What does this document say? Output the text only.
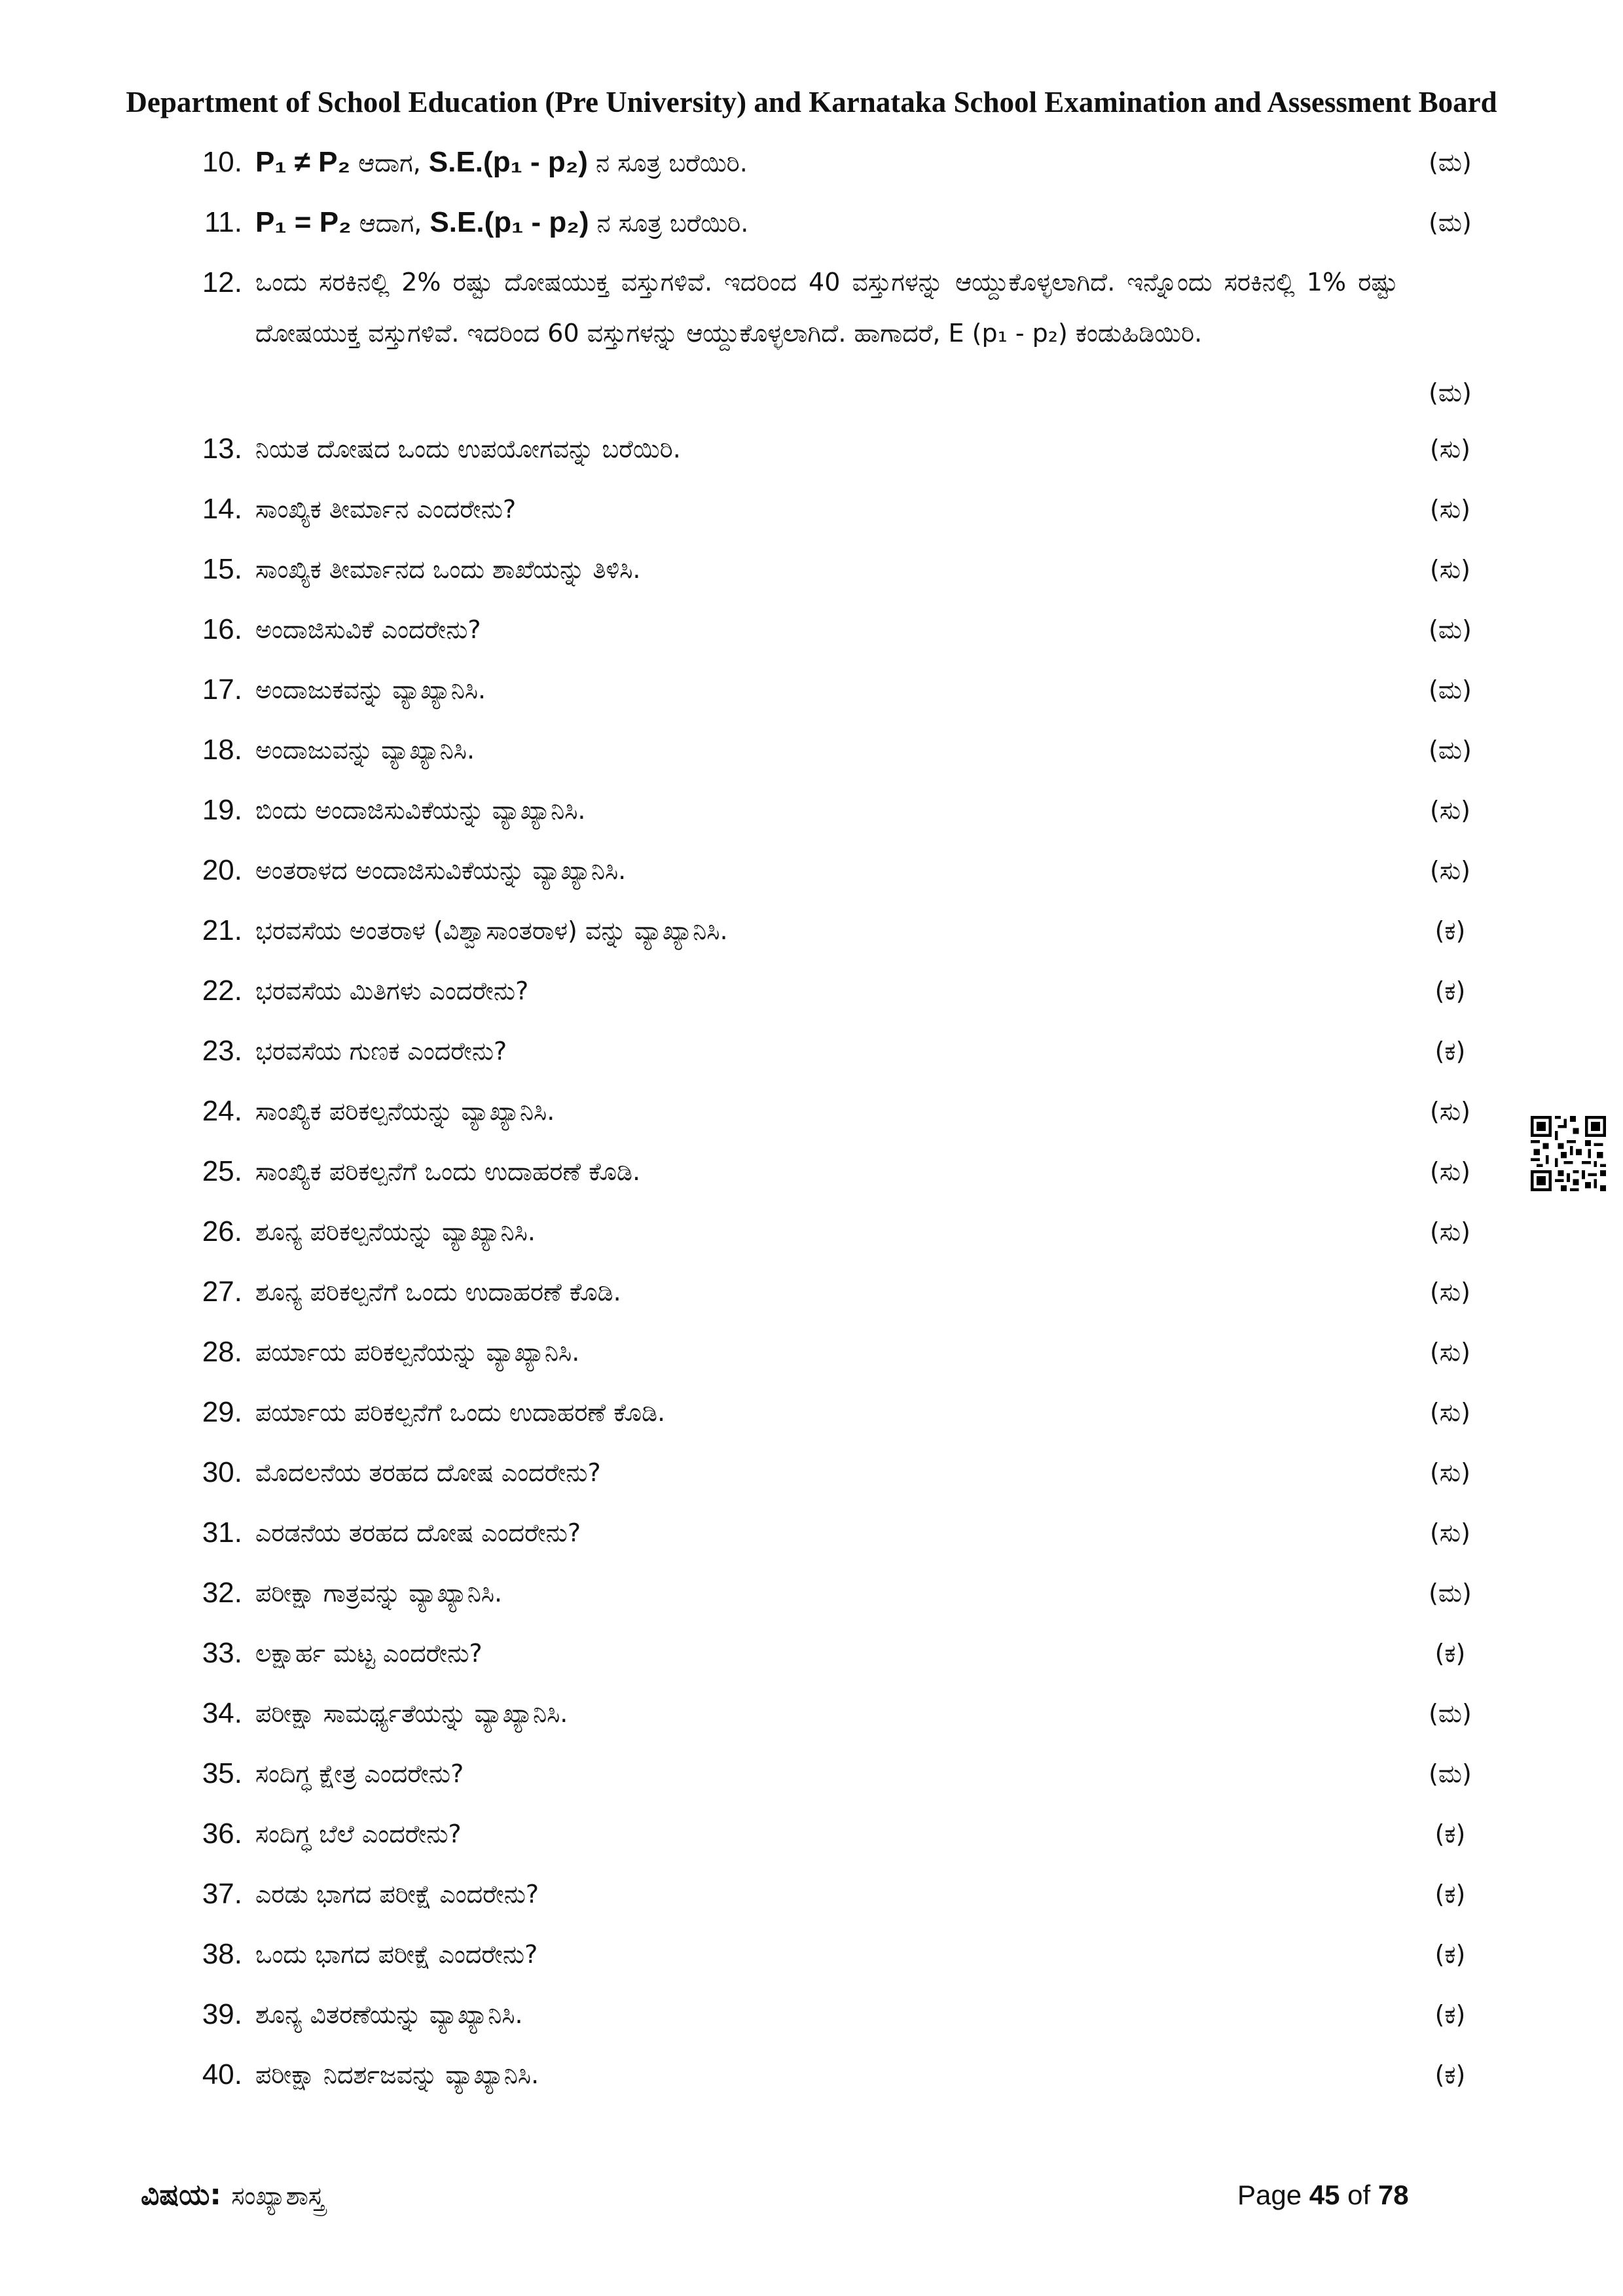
Department of School Education (Pre University) and Karnataka School Examination and Assessment Board
10. P₁ ≠ P₂ ಆದಾಗ, S.E.(p₁ - p₂) ನ ಸೂತ್ರ ಬರೆಯಿರಿ.	(ಮ)
11. P₁ = P₂ ಆದಾಗ, S.E.(p₁ - p₂) ನ ಸೂತ್ರ ಬರೆಯಿರಿ.	(ಮ)
12. ಒಂದು ಸರಕಿನಲ್ಲಿ 2% ರಷ್ಟು ದೋಷಯುಕ್ತ ವಸ್ತುಗಳಿವೆ. ಇದರಿಂದ 40 ವಸ್ತುಗಳನ್ನು ಆಯ್ದುಕೊಳ್ಳಲಾಗಿದೆ. ಇನ್ನೊಂದು ಸರಕಿನಲ್ಲಿ 1% ರಷ್ಟು ದೋಷಯುಕ್ತ ವಸ್ತುಗಳಿವೆ. ಇದರಿಂದ 60 ವಸ್ತುಗಳನ್ನು ಆಯ್ದುಕೊಳ್ಳಲಾಗಿದೆ. ಹಾಗಾದರೆ, E (p₁ - p₂) ಕಂಡುಹಿಡಿಯಿರಿ.
(ಮ)
13. ನಿಯತ ದೋಷದ ಒಂದು ಉಪಯೋಗವನ್ನು ಬರೆಯಿರಿ.	(ಸು)
14. ಸಾಂಖ್ಯಿಕ ತೀರ್ಮಾನ ಎಂದರೇನು?	(ಸು)
15. ಸಾಂಖ್ಯಿಕ ತೀರ್ಮಾನದ ಒಂದು ಶಾಖೆಯನ್ನು ತಿಳಿಸಿ.	(ಸು)
16. ಅಂದಾಜಿಸುವಿಕೆ ಎಂದರೇನು?	(ಮ)
17. ಅಂದಾಜುಕವನ್ನು ವ್ಯಾಖ್ಯಾನಿಸಿ.	(ಮ)
18. ಅಂದಾಜುವನ್ನು ವ್ಯಾಖ್ಯಾನಿಸಿ.	(ಮ)
19. ಬಿಂದು ಅಂದಾಜಿಸುವಿಕೆಯನ್ನು ವ್ಯಾಖ್ಯಾನಿಸಿ.	(ಸು)
20. ಅಂತರಾಳದ ಅಂದಾಜಿಸುವಿಕೆಯನ್ನು ವ್ಯಾಖ್ಯಾನಿಸಿ.	(ಸು)
21. ಭರವಸೆಯ ಅಂತರಾಳ (ವಿಶ್ವಾಸಾಂತರಾಳ) ವನ್ನು ವ್ಯಾಖ್ಯಾನಿಸಿ.	(ಕ)
22. ಭರವಸೆಯ ಮಿತಿಗಳು ಎಂದರೇನು?	(ಕ)
23. ಭರವಸೆಯ ಗುಣಕ ಎಂದರೇನು?	(ಕ)
24. ಸಾಂಖ್ಯಿಕ ಪರಿಕಲ್ಪನೆಯನ್ನು ವ್ಯಾಖ್ಯಾನಿಸಿ.	(ಸು)
25. ಸಾಂಖ್ಯಿಕ ಪರಿಕಲ್ಪನೆಗೆ ಒಂದು ಉದಾಹರಣೆ ಕೊಡಿ.	(ಸು)
26. ಶೂನ್ಯ ಪರಿಕಲ್ಪನೆಯನ್ನು ವ್ಯಾಖ್ಯಾನಿಸಿ.	(ಸು)
27. ಶೂನ್ಯ ಪರಿಕಲ್ಪನೆಗೆ ಒಂದು ಉದಾಹರಣೆ ಕೊಡಿ.	(ಸು)
28. ಪರ್ಯಾಯ ಪರಿಕಲ್ಪನೆಯನ್ನು ವ್ಯಾಖ್ಯಾನಿಸಿ.	(ಸು)
29. ಪರ್ಯಾಯ ಪರಿಕಲ್ಪನೆಗೆ ಒಂದು ಉದಾಹರಣೆ ಕೊಡಿ.	(ಸು)
30. ಮೊದಲನೆಯ ತರಹದ ದೋಷ ಎಂದರೇನು?	(ಸು)
31. ಎರಡನೆಯ ತರಹದ ದೋಷ ಎಂದರೇನು?	(ಸು)
32. ಪರೀಕ್ಷಾ ಗಾತ್ರವನ್ನು ವ್ಯಾಖ್ಯಾನಿಸಿ.	(ಮ)
33. ಲಕ್ಷಾರ್ಹ ಮಟ್ಟ ಎಂದರೇನು?	(ಕ)
34. ಪರೀಕ್ಷಾ ಸಾಮರ್ಥ್ಯತೆಯನ್ನು ವ್ಯಾಖ್ಯಾನಿಸಿ.	(ಮ)
35. ಸಂದಿಗ್ಧ ಕ್ಷೇತ್ರ ಎಂದರೇನು?	(ಮ)
36. ಸಂದಿಗ್ಧ ಬೆಲೆ ಎಂದರೇನು?	(ಕ)
37. ಎರಡು ಭಾಗದ ಪರೀಕ್ಷೆ ಎಂದರೇನು?	(ಕ)
38. ಒಂದು ಭಾಗದ ಪರೀಕ್ಷೆ ಎಂದರೇನು?	(ಕ)
39. ಶೂನ್ಯ ವಿತರಣೆಯನ್ನು ವ್ಯಾಖ್ಯಾನಿಸಿ.	(ಕ)
40. ಪರೀಕ್ಷಾ ನಿದರ್ಶಜವನ್ನು ವ್ಯಾಖ್ಯಾನಿಸಿ.	(ಕ)
ವಿಷಯ: ಸಂಖ್ಯಾಶಾಸ್ತ್ರ	Page 45 of 78
